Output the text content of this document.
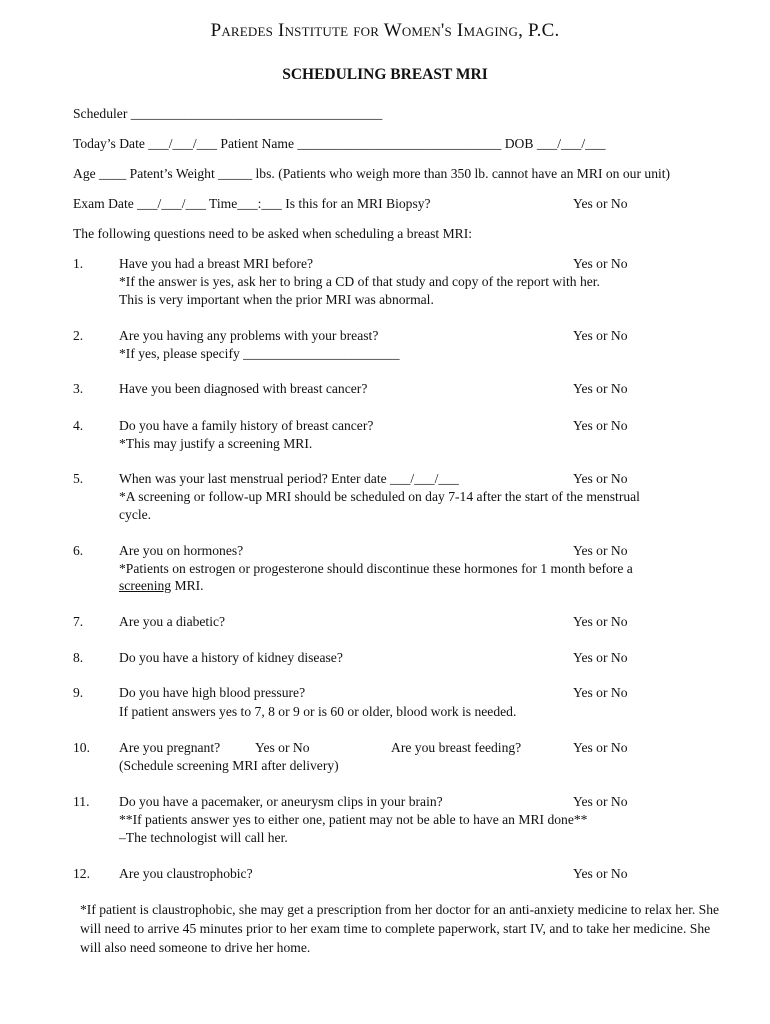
Paredes Institute for Women's Imaging, P.C.
SCHEDULING BREAST MRI
Scheduler _____________________________________
Today’s Date ___/___/___ Patient Name ______________________________ DOB ___/___/___
Age ____ Patent’s Weight _____ lbs. (Patients who weigh more than 350 lb. cannot have an MRI on our unit)
Exam Date ___/___/___ Time___:___ Is this for an MRI Biopsy?	Yes or No
The following questions need to be asked when scheduling a breast MRI:
1.	Have you had a breast MRI before?	Yes or No
*If the answer is yes, ask her to bring a CD of that study and copy of the report with her.
This is very important when the prior MRI was abnormal.
2.	Are you having any problems with your breast?	Yes or No
*If yes, please specify _______________________
3.	Have you been diagnosed with breast cancer?	Yes or No
4.	Do you have a family history of breast cancer?	Yes or No
*This may justify a screening MRI.
5.	When was your last menstrual period? Enter date ___/___/___	Yes or No
*A screening or follow-up MRI should be scheduled on day 7-14 after the start of the menstrual
cycle.
6.	Are you on hormones?	Yes or No
*Patients on estrogen or progesterone should discontinue these hormones for 1 month before a
screening MRI.
7.	Are you a diabetic?	Yes or No
8.	Do you have a history of kidney disease?	Yes or No
9.	Do you have high blood pressure?	Yes or No
If patient answers yes to 7, 8 or 9 or is 60 or older, blood work is needed.
10. Are you pregnant?	Yes or No	Are you breast feeding?	Yes or No
(Schedule screening MRI after delivery)
11. Do you have a pacemaker, or aneurysm clips in your brain?	Yes or No
**If patients answer yes to either one, patient may not be able to have an MRI done**
–The technologist will call her.
12. Are you claustrophobic?	Yes or No
*If patient is claustrophobic, she may get a prescription from her doctor for an anti-anxiety medicine to relax her. She will need to arrive 45 minutes prior to her exam time to complete paperwork, start IV, and to take her medicine. She will also need someone to drive her home.
